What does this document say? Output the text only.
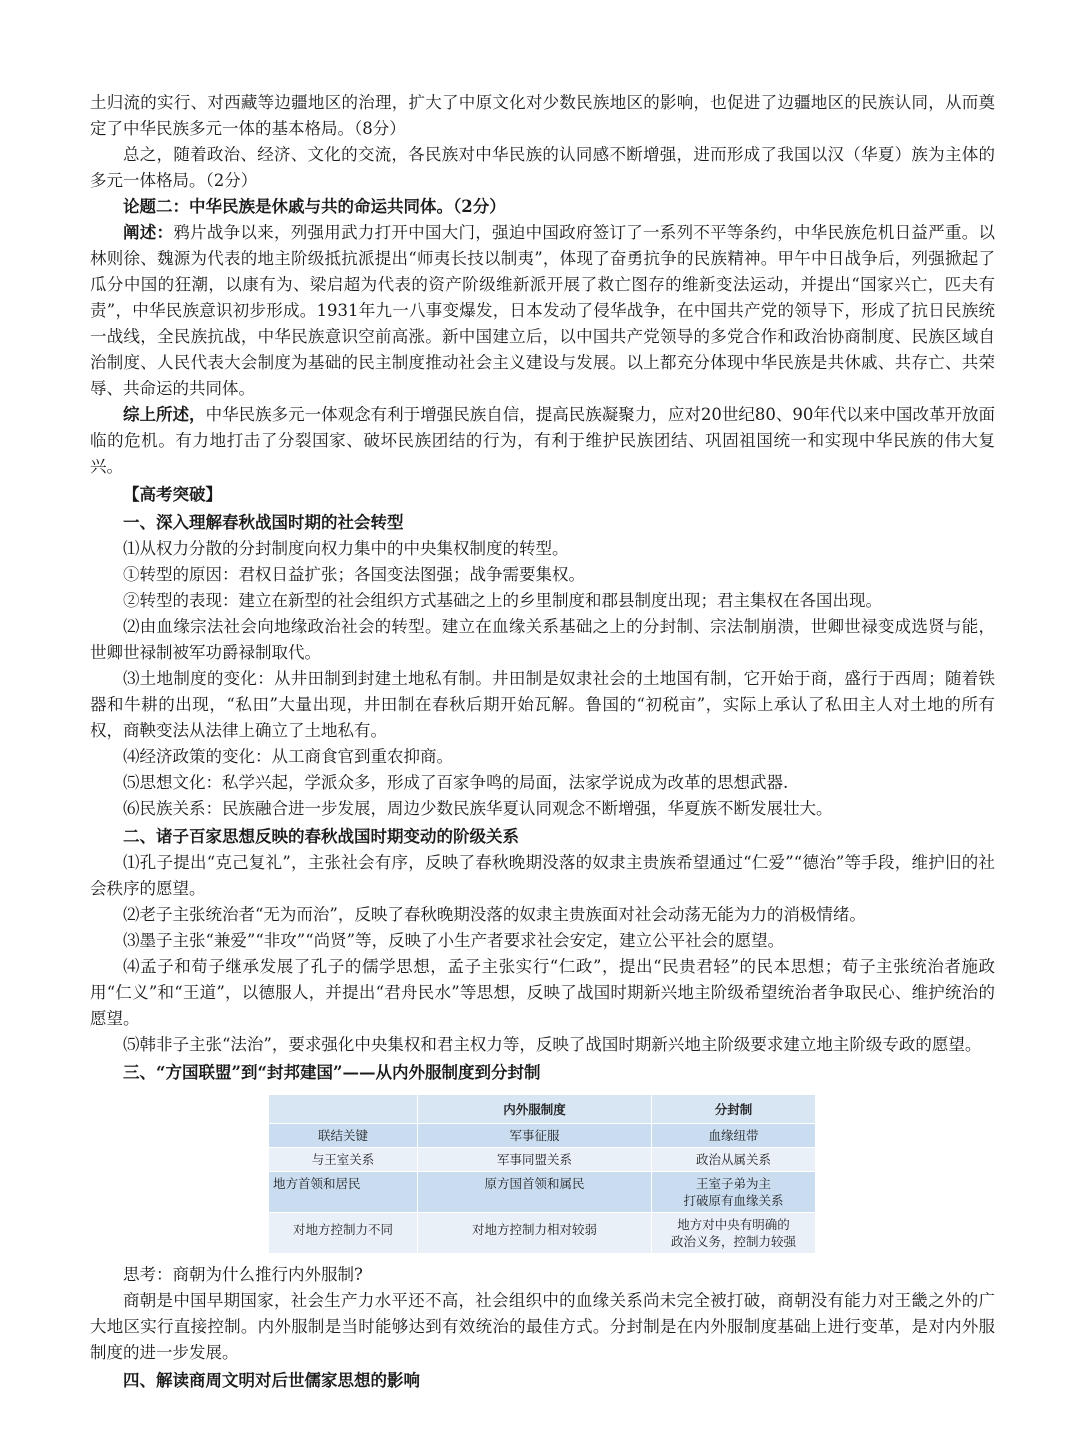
土归流的实行、对西藏等边疆地区的治理，扩大了中原文化对少数民族地区的影响，也促进了边疆地区的民族认同，从而奠定了中华民族多元一体的基本格局。（8分）

总之，随着政治、经济、文化的交流，各民族对中华民族的认同感不断增强，进而形成了我国以汉（华夏）族为主体的多元一体格局。（2分）

论题二：中华民族是休戚与共的命运共同体。（2分）

阐述：鸦片战争以来，列强用武力打开中国大门，强迫中国政府签订了一系列不平等条约，中华民族危机日益严重。以林则徐、魏源为代表的地主阶级抵抗派提出“师夷长技以制夷”，体现了奋勇抗争的民族精神。甲午中日战争后，列强掀起了瓜分中国的狂潮，以康有为、梁启超为代表的资产阶级维新派开展了救亡图存的维新变法运动，并提出“国家兴亡，匹夫有责”，中华民族意识初步形成。1931年九一八事变爆发，日本发动了侵华战争，在中国共产党的领导下，形成了抗日民族统一战线，全民族抗战，中华民族意识空前高涨。新中国建立后，以中国共产党领导的多党合作和政治协商制度、民族区域自治制度、人民代表大会制度为基础的民主制度推动社会主义建设与发展。以上都充分体现中华民族是共休戚、共存亡、共荣辱、共命运的共同体。

综上所述，中华民族多元一体观念有利于增强民族自信，提高民族凝聚力，应对20世纪80、90年代以来中国改革开放面临的危机。有力地打击了分裂国家、破坏民族团结的行为，有利于维护民族团结、巩固祖国统一和实现中华民族的伟大复兴。

【高考突破】

一、深入理解春秋战国时期的社会转型

⑴从权力分散的分封制度向权力集中的中央集权制度的转型。

①转型的原因：君权日益扩张；各国变法图强；战争需要集权。

②转型的表现：建立在新型的社会组织方式基础之上的乡里制度和郡县制度出现；君主集权在各国出现。

⑵由血缘宗法社会向地缘政治社会的转型。建立在血缘关系基础之上的分封制、宗法制崩溃，世卿世禄变成选贤与能，世卿世禄制被军功爵禄制取代。

⑶土地制度的变化：从井田制到封建土地私有制。井田制是奴隶社会的土地国有制，它开始于商，盛行于西周；随着铁器和牛耕的出现，“私田”大量出现，井田制在春秋后期开始瓦解。鲁国的“初税亩”，实际上承认了私田主人对土地的所有权，商鞅变法从法律上确立了土地私有。

⑷经济政策的变化：从工商食官到重农抑商。

⑸思想文化：私学兴起，学派众多，形成了百家争鸣的局面，法家学说成为改革的思想武器.

⑹民族关系：民族融合进一步发展，周边少数民族华夏认同观念不断增强，华夏族不断发展壮大。

二、诸子百家思想反映的春秋战国时期变动的阶级关系

⑴孔子提出“克己复礼”，主张社会有序，反映了春秋晚期没落的奴隶主贵族希望通过“仁爱”“德治”等手段，维护旧的社会秩序的愿望。

⑵老子主张统治者“无为而治”，反映了春秋晚期没落的奴隶主贵族面对社会动荡无能为力的消极情绪。

⑶墨子主张“兼爱”“非攻”“尚贤”等，反映了小生产者要求社会安定，建立公平社会的愿望。

⑷孟子和荀子继承发展了孔子的儒学思想，孟子主张实行“仁政”，提出“民贵君轻”的民本思想；荀子主张统治者施政用“仁义”和“王道”，以德服人，并提出“君舟民水”等思想，反映了战国时期新兴地主阶级希望统治者争取民心、维护统治的愿望。

⑸韩非子主张“法治”，要求强化中央集权和君主权力等，反映了战国时期新兴地主阶级要求建立地主阶级专政的愿望。

三、“方国联盟”到“封邦建国”——从内外服制度到分封制

	内外服制度	分封制
联结关键	军事征服	血缘纽带
与王室关系	军事同盟关系	政治从属关系
地方首领和居民	原方国首领和属民	王室子弟为主
打破原有血缘关系
对地方控制力不同	对地方控制力相对较弱	地方对中央有明确的
政治义务，控制力较强

思考：商朝为什么推行内外服制?

商朝是中国早期国家，社会生产力水平还不高，社会组织中的血缘关系尚未完全被打破，商朝没有能力对王畿之外的广大地区实行直接控制。内外服制是当时能够达到有效统治的最佳方式。分封制是在内外服制度基础上进行变革，是对内外服制度的进一步发展。

四、解读商周文明对后世儒家思想的影响
